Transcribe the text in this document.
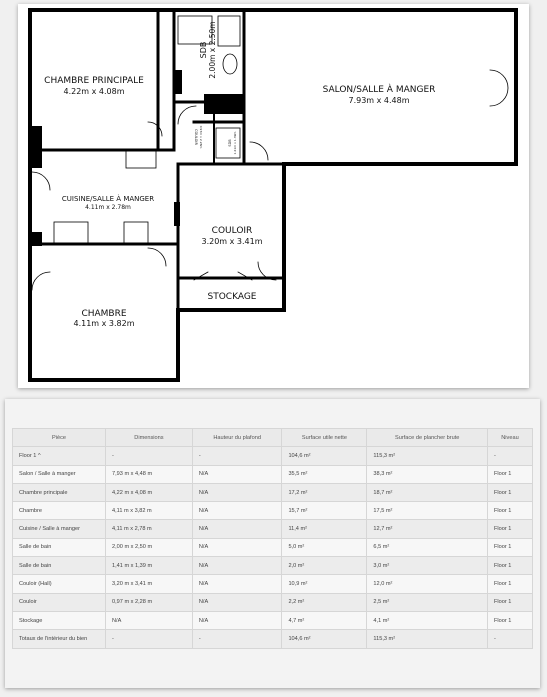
CHAMBRE PRINCIPALE
4.22m x 4.08m
SDB 2.00m x 2.50m
SALON/SALLE À MANGER
7.93m x 4.48m
COULOIR 0.97m x 2.28m	SDB 1.41m x 1.39m
CUISINE/SALLE À MANGER
4.11m x 2.78m
COULOIR
3.20m x 3.41m
STOCKAGE
CHAMBRE
4.11m x 3.82m
Pièce	Dimensions	Hauteur du plafond	Surface utile nette	Surface de plancher brute	Niveau
Floor 1 ^	-	-	104,6 m²	115,3 m²	-
Salon / Salle à manger	7,93 m x 4,48 m	N/A	35,5 m²	38,3 m²	Floor 1
Chambre principale	4,22 m x 4,08 m	N/A	17,2 m²	18,7 m²	Floor 1
Chambre	4,11 m x 3,82 m	N/A	15,7 m²	17,5 m²	Floor 1
Cuisine / Salle à manger	4,11 m x 2,78 m	N/A	11,4 m²	12,7 m²	Floor 1
Salle de bain	2,00 m x 2,50 m	N/A	5,0 m²	6,5 m²	Floor 1
Salle de bain	1,41 m x 1,39 m	N/A	2,0 m²	3,0 m²	Floor 1
Couloir (Hall)	3,20 m x 3,41 m	N/A	10,9 m²	12,0 m²	Floor 1
Couloir	0,97 m x 2,28 m	N/A	2,2 m²	2,5 m²	Floor 1
Stockage	N/A	N/A	4,7 m²	4,1 m²	Floor 1
Totaux de l'intérieur du bien	-	-	104,6 m²	115,3 m²	-
